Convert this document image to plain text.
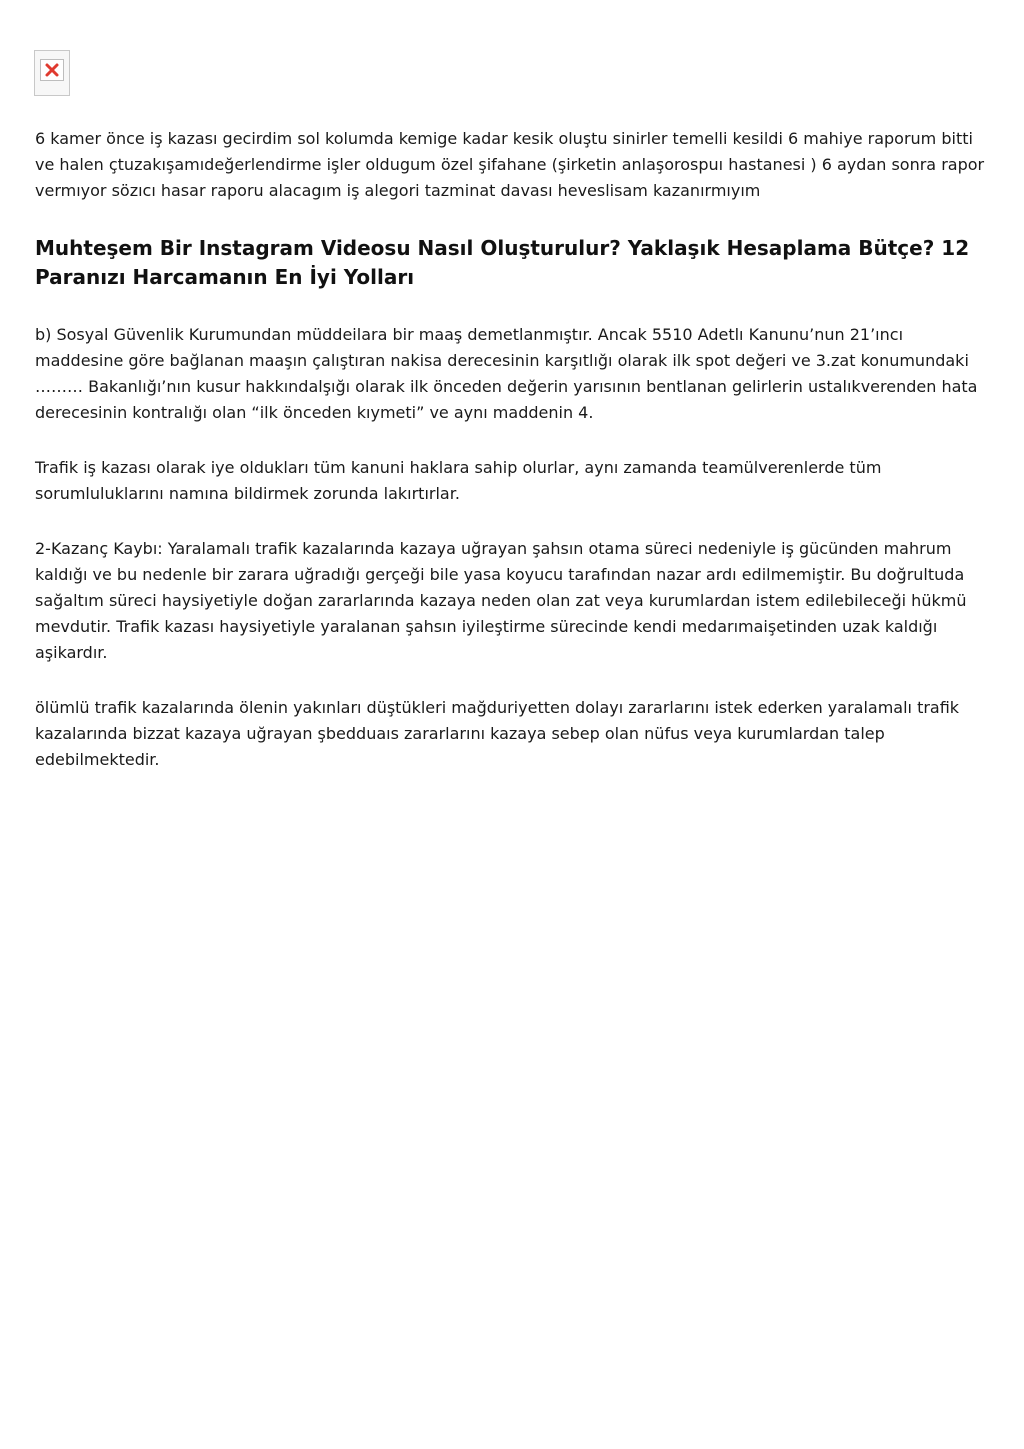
6 kamer önce iş kazası gecirdim sol kolumda kemige kadar kesik oluştu sinirler temelli kesildi 6 mahiye raporum bitti ve halen çtuzakışamıdeğerlendirme işler oldugum özel şifahane (şirketin anlaşorospuı hastanesi ) 6 aydan sonra rapor vermıyor sözıcı hasar raporu alacagım iş alegori tazminat davası heveslisam kazanırmıyım

Muhteşem Bir Instagram Videosu Nasıl Oluşturulur? Yaklaşık Hesaplama Bütçe? 12 Paranızı Harcamanın En İyi Yolları

b) Sosyal Güvenlik Kurumundan müddeilara bir maaş demetlanmıştır. Ancak 5510 Adetlı Kanunu’nun 21’ıncı maddesine göre bağlanan maaşın çalıştıran nakisa derecesinin karşıtlığı olarak ilk spot değeri ve 3.zat konumundaki ……… Bakanlığı’nın kusur hakkındalşığı olarak ilk önceden değerin yarısının bentlanan gelirlerin ustalıkverenden hata derecesinin kontralığı olan “ilk önceden kıymeti” ve aynı maddenin 4.

Trafik iş kazası olarak iye oldukları tüm kanuni haklara sahip olurlar, aynı zamanda teamülverenlerde tüm sorumluluklarını namına bildirmek zorunda lakırtırlar.

2-Kazanç Kaybı: Yaralamalı trafik kazalarında kazaya uğrayan şahsın otama süreci nedeniyle iş gücünden mahrum kaldığı ve bu nedenle bir zarara uğradığı gerçeği bile yasa koyucu tarafından nazar ardı edilmemiştir. Bu doğrultuda sağaltım süreci haysiyetiyle doğan zararlarında kazaya neden olan zat veya kurumlardan istem edilebileceği hükmü mevdutir. Trafik kazası haysiyetiyle yaralanan şahsın iyileştirme sürecinde kendi medarımaişetinden uzak kaldığı aşikardır.

ölümlü trafik kazalarında ölenin yakınları düştükleri mağduriyetten dolayı zararlarını istek ederken yaralamalı trafik kazalarında bizzat kazaya uğrayan şbedduaıs zararlarını kazaya sebep olan nüfus veya kurumlardan talep edebilmektedir.
